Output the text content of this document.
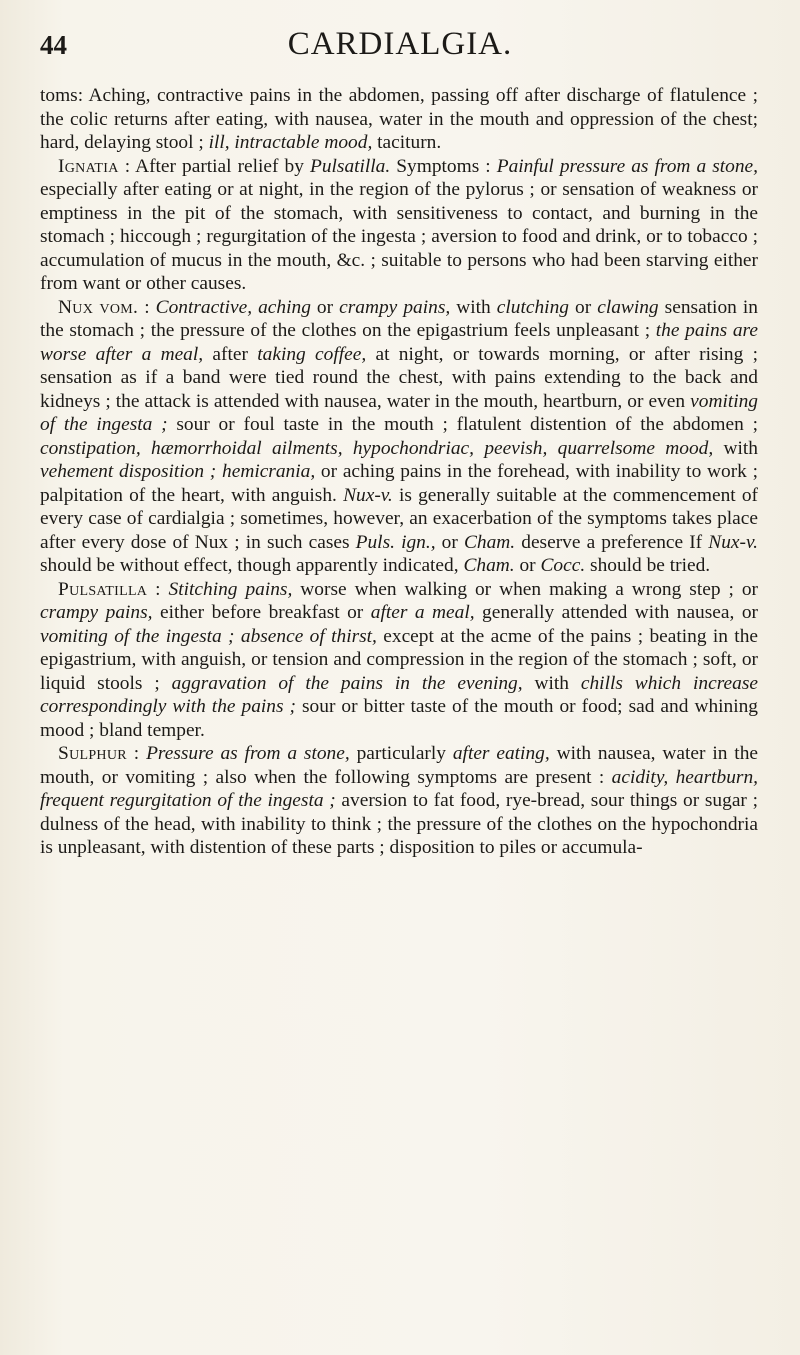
44	CARDIALGIA.

toms: Aching, contractive pains in the abdomen, passing off after discharge of flatulence ; the colic returns after eating, with nausea, water in the mouth and oppression of the chest; hard, delaying stool ; ill, intractable mood, taciturn.

Ignatia : After partial relief by Pulsatilla. Symptoms : Painful pressure as from a stone, especially after eating or at night, in the region of the pylorus ; or sensation of weakness or emptiness in the pit of the stomach, with sensitiveness to contact, and burning in the stomach ; hiccough ; regurgitation of the ingesta ; aversion to food and drink, or to tobacco ; accumulation of mucus in the mouth, &c. ; suitable to persons who had been starving either from want or other causes.

Nux vom. : Contractive, aching or crampy pains, with clutching or clawing sensation in the stomach ; the pressure of the clothes on the epigastrium feels unpleasant ; the pains are worse after a meal, after taking coffee, at night, or towards morning, or after rising ; sensation as if a band were tied round the chest, with pains extending to the back and kidneys ; the attack is attended with nausea, water in the mouth, heartburn, or even vomiting of the ingesta ; sour or foul taste in the mouth ; flatulent distention of the abdomen ; constipation, hæmorrhoidal ailments, hypochondriac, peevish, quarrelsome mood, with vehement disposition ; hemicrania, or aching pains in the forehead, with inability to work ; palpitation of the heart, with anguish. Nux-v. is generally suitable at the commencement of every case of cardialgia ; sometimes, however, an exacerbation of the symptoms takes place after every dose of Nux ; in such cases Puls. ign., or Cham. deserve a preference If Nux-v. should be without effect, though apparently indicated, Cham. or Cocc. should be tried.

Pulsatilla : Stitching pains, worse when walking or when making a wrong step ; or crampy pains, either before breakfast or after a meal, generally attended with nausea, or vomiting of the ingesta ; absence of thirst, except at the acme of the pains ; beating in the epigastrium, with anguish, or tension and compression in the region of the stomach ; soft, or liquid stools ; aggravation of the pains in the evening, with chills which increase correspondingly with the pains ; sour or bitter taste of the mouth or food; sad and whining mood ; bland temper.

Sulphur : Pressure as from a stone, particularly after eating, with nausea, water in the mouth, or vomiting ; also when the following symptoms are present : acidity, heartburn, frequent regurgitation of the ingesta ; aversion to fat food, rye-bread, sour things or sugar ; dulness of the head, with inability to think ; the pressure of the clothes on the hypochondria is unpleasant, with distention of these parts ; disposition to piles or accumula-
